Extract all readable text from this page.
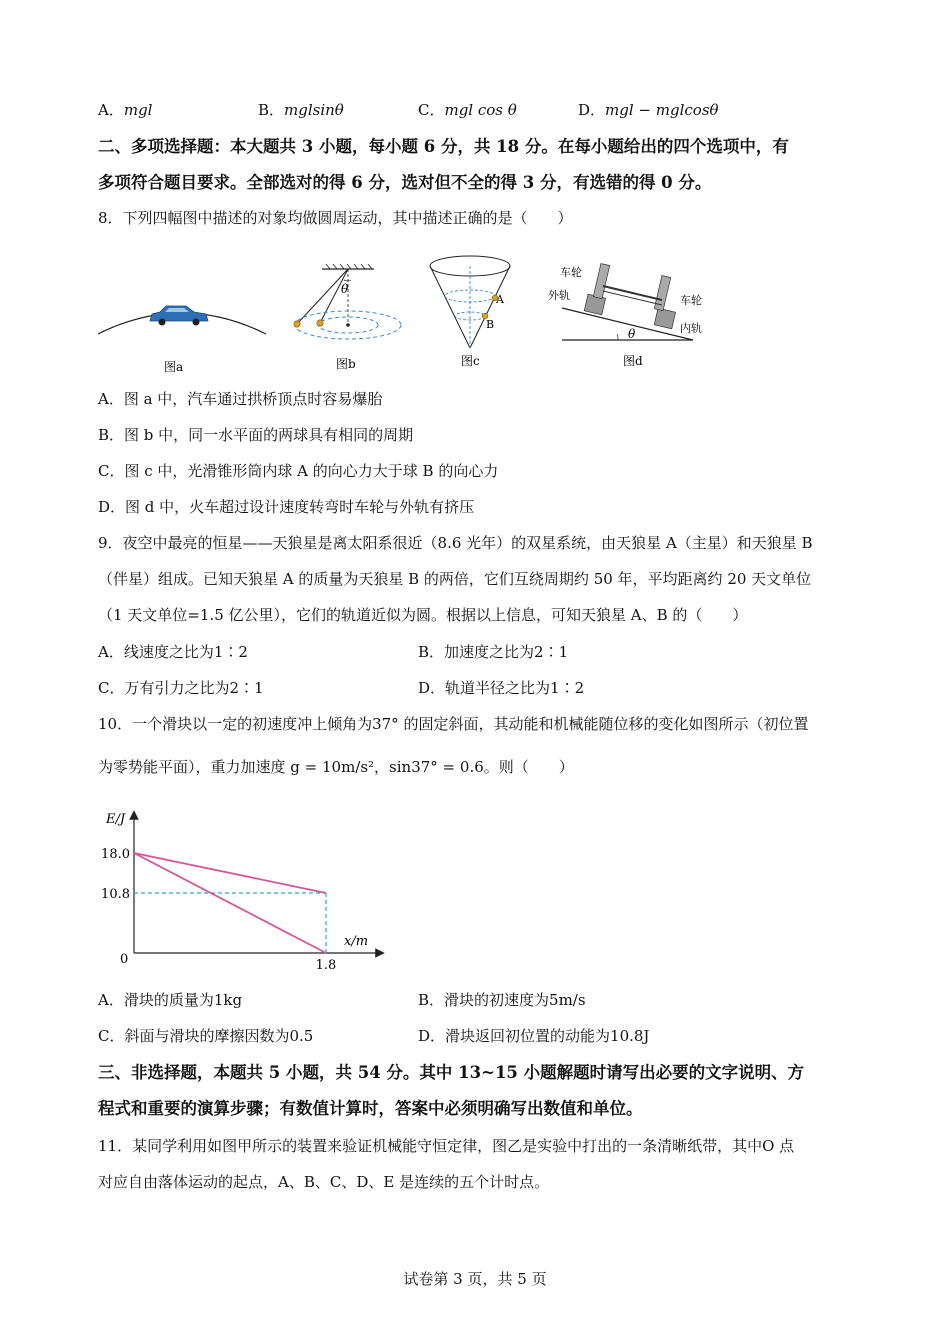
A．mgl	B．mglsinθ	C．mgl cos θ	D．mgl − mglcosθ
二、多项选择题：本大题共 3 小题，每小题 6 分，共 18 分。在每小题给出的四个选项中，有
多项符合题目要求。全部选对的得 6 分，选对但不全的得 3 分，有选错的得 0 分。
8．下列四幅图中描述的对象均做圆周运动，其中描述正确的是（　　）
图a
θ
图b
A
B
图c
θ
车轮
外轨	车轮
内轨
图d
A．图 a 中，汽车通过拱桥顶点时容易爆胎
B．图 b 中，同一水平面的两球具有相同的周期
C．图 c 中，光滑锥形筒内球 A 的向心力大于球 B 的向心力
D．图 d 中，火车超过设计速度转弯时车轮与外轨有挤压
9．夜空中最亮的恒星——天狼星是离太阳系很近（8.6 光年）的双星系统，由天狼星 A（主星）和天狼星 B
（伴星）组成。已知天狼星 A 的质量为天狼星 B 的两倍，它们互绕周期约 50 年，平均距离约 20 天文单位
（1 天文单位=1.5 亿公里），它们的轨道近似为圆。根据以上信息，可知天狼星 A、B 的（　　）
A．线速度之比为1∶2	B．加速度之比为2∶1
C．万有引力之比为2∶1	D．轨道半径之比为1∶2
10．一个滑块以一定的初速度冲上倾角为37° 的固定斜面，其动能和机械能随位移的变化如图所示（初位置
为零势能平面），重力加速度 g = 10m/s²，sin37° = 0.6。则（　　）
E/J
x/m
0
18.0
10.8
1.8
A．滑块的质量为1kg	B．滑块的初速度为5m/s
C．斜面与滑块的摩擦因数为0.5	D．滑块返回初位置的动能为10.8J
三、非选择题，本题共 5 小题，共 54 分。其中 13~15 小题解题时请写出必要的文字说明、方
程式和重要的演算步骤；有数值计算时，答案中必须明确写出数值和单位。
11．某同学利用如图甲所示的装置来验证机械能守恒定律，图乙是实验中打出的一条清晰纸带，其中O 点
对应自由落体运动的起点，A、B、C、D、E 是连续的五个计时点。
试卷第 3 页，共 5 页
